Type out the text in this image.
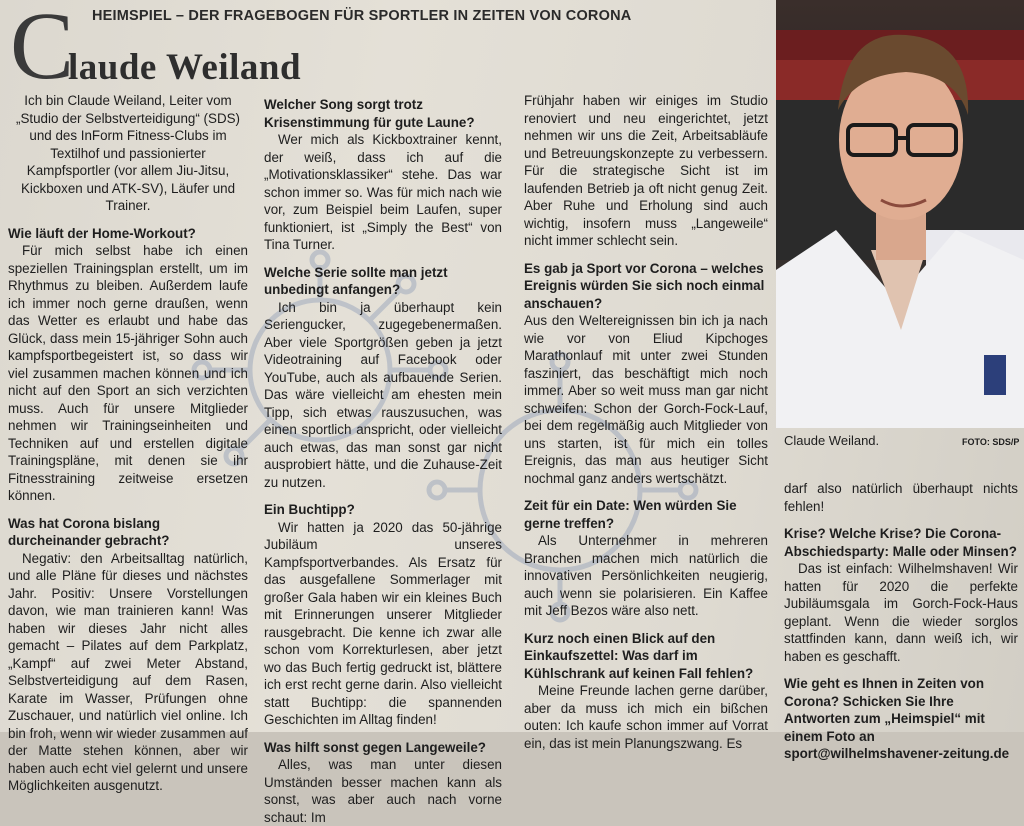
C HEIMSPIEL – DER FRAGEBOGEN FÜR SPORTLER IN ZEITEN VON CORONA
laude Weiland

Ich bin Claude Weiland, Leiter vom „Studio der Selbstverteidigung“ (SDS) und des InForm Fitness-Clubs im Textilhof und passionierter Kampfsportler (vor allem Jiu-Jitsu, Kickboxen und ATK-SV), Läufer und Trainer.

Wie läuft der Home-Workout?

Für mich selbst habe ich einen speziellen Trainingsplan erstellt, um im Rhythmus zu bleiben. Außerdem laufe ich immer noch gerne draußen, wenn das Wetter es erlaubt und habe das Glück, dass mein 15-jähriger Sohn auch kampfsportbegeistert ist, so dass wir viel zusammen machen können und ich nicht auf den Sport an sich verzichten muss. Auch für unsere Mitglieder nehmen wir Trainingseinheiten und Techniken auf und erstellen digitale Trainingspläne, mit denen sie ihr Fitnesstraining zeitweise ersetzen können.

Was hat Corona bislang durcheinander gebracht?

Negativ: den Arbeitsalltag natürlich, und alle Pläne für dieses und nächstes Jahr. Positiv: Unsere Vorstellungen davon, wie man trainieren kann! Was haben wir dieses Jahr nicht alles gemacht – Pilates auf dem Parkplatz, „Kampf“ auf zwei Meter Abstand, Selbstverteidigung auf dem Rasen, Karate im Wasser, Prüfungen ohne Zuschauer, und natürlich viel online. Ich bin froh, wenn wir wieder zusammen auf der Matte stehen können, aber wir haben auch echt viel gelernt und unsere Möglichkeiten ausgenutzt.

Welcher Song sorgt trotz Krisenstimmung für gute Laune?

Wer mich als Kickboxtrainer kennt, der weiß, dass ich auf die „Motivationsklassiker“ stehe. Das war schon immer so. Was für mich nach wie vor, zum Beispiel beim Laufen, super funktioniert, ist „Simply the Best“ von Tina Turner.

Welche Serie sollte man jetzt unbedingt anfangen?

Ich bin ja überhaupt kein Seriengucker, zugegebenermaßen. Aber viele Sportgrößen geben ja jetzt Videotraining auf Facebook oder YouTube, auch als aufbauende Serien. Das wäre vielleicht am ehesten mein Tipp, sich etwas rauszusuchen, was einen sportlich anspricht, oder vielleicht auch etwas, das man sonst gar nicht ausprobiert hätte, und die Zuhause-Zeit zu nutzen.

Ein Buchtipp?

Wir hatten ja 2020 das 50-jährige Jubiläum unseres Kampfsportverbandes. Als Ersatz für das ausgefallene Sommerlager mit großer Gala haben wir ein kleines Buch mit Erinnerungen unserer Mitglieder rausgebracht. Die kenne ich zwar alle schon vom Korrekturlesen, aber jetzt wo das Buch fertig gedruckt ist, blättere ich erst recht gerne darin. Also vielleicht statt Buchtipp: die spannenden Geschichten im Alltag finden!

Was hilft sonst gegen Langeweile?

Alles, was man unter diesen Umständen besser machen kann als sonst, was aber auch nach vorne schaut: Im

Frühjahr haben wir einiges im Studio renoviert und neu eingerichtet, jetzt nehmen wir uns die Zeit, Arbeitsabläufe und Betreuungskonzepte zu verbessern. Für die strategische Sicht ist im laufenden Betrieb ja oft nicht genug Zeit. Aber Ruhe und Erholung sind auch wichtig, insofern muss „Langeweile“ nicht immer schlecht sein.

Es gab ja Sport vor Corona – welches Ereignis würden Sie sich noch einmal anschauen?

Aus den Weltereignissen bin ich ja nach wie vor von Eliud Kipchoges Marathonlauf mit unter zwei Stunden fasziniert, das beschäftigt mich noch immer. Aber so weit muss man gar nicht schweifen: Schon der Gorch-Fock-Lauf, bei dem regelmäßig auch Mitglieder von uns starten, ist für mich ein tolles Ereignis, das man aus heutiger Sicht nochmal ganz anders wertschätzt.

Zeit für ein Date: Wen würden Sie gerne treffen?

Als Unternehmer in mehreren Branchen machen mich natürlich die innovativen Persönlichkeiten neugierig, auch wenn sie polarisieren. Ein Kaffee mit Jeff Bezos wäre also nett.

Kurz noch einen Blick auf den Einkaufszettel: Was darf im Kühlschrank auf keinen Fall fehlen?

Meine Freunde lachen gerne darüber, aber da muss ich mich ein bißchen outen: Ich kaufe schon immer auf Vorrat ein, das ist mein Planungszwang. Es

darf also natürlich überhaupt nichts fehlen!

Krise? Welche Krise? Die Corona-Abschiedsparty: Malle oder Minsen?

Das ist einfach: Wilhelmshaven! Wir hatten für 2020 die perfekte Jubiläumsgala im Gorch-Fock-Haus geplant. Wenn die wieder sorglos stattfinden kann, dann weiß ich, wir haben es geschafft.

Wie geht es Ihnen in Zeiten von Corona? Schicken Sie Ihre Antworten zum „Heimspiel“ mit einem Foto an sport@wilhelmshavener-zeitung.de

Claude Weiland.	FOTO: SDS/P
